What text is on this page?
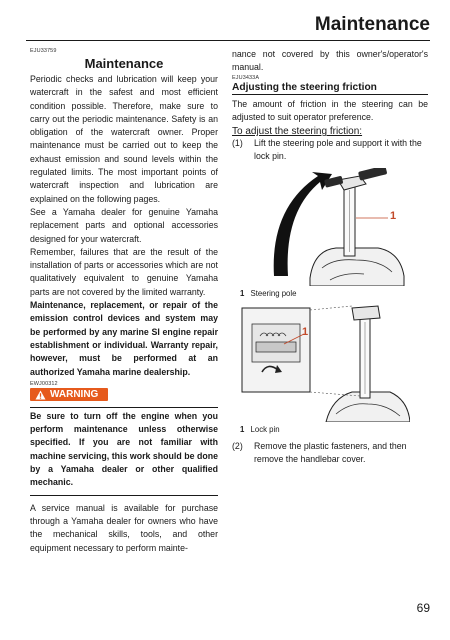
Maintenance
EJU33759
Maintenance

Periodic checks and lubrication will keep your watercraft in the safest and most efficient condition possible. Therefore, make sure to carry out the periodic maintenance. Safety is an obligation of the watercraft owner. Proper maintenance must be carried out to keep the exhaust emission and sound levels within the regulated limits. The most important points of watercraft inspection and lubrication are explained on the following pages.

See a Yamaha dealer for genuine Yamaha replacement parts and optional accessories designed for your watercraft.

Remember, failures that are the result of the installation of parts or accessories which are not qualitatively equivalent to genuine Yamaha parts are not covered by the limited warranty.

Maintenance, replacement, or repair of the emission control devices and system may be performed by any marine SI engine repair establishment or individual. Warranty repair, however, must be performed at an authorized Yamaha marine dealership.

EWJ00312
WARNING

Be sure to turn off the engine when you perform maintenance unless otherwise specified. If you are not familiar with machine servicing, this work should be done by a Yamaha dealer or other qualified mechanic.

A service manual is available for purchase through a Yamaha dealer for owners who have the mechanical skills, tools, and other equipment necessary to perform mainte-

nance not covered by this owner's/operator's manual.

EJU3433A
Adjusting the steering friction

The amount of friction in the steering can be adjusted to suit operator preference.

To adjust the steering friction:
(1)	Lift the steering pole and support it with the lock pin.
1
1 Steering pole
1
1 Lock pin
(2)	Remove the plastic fasteners, and then remove the handlebar cover.
69
